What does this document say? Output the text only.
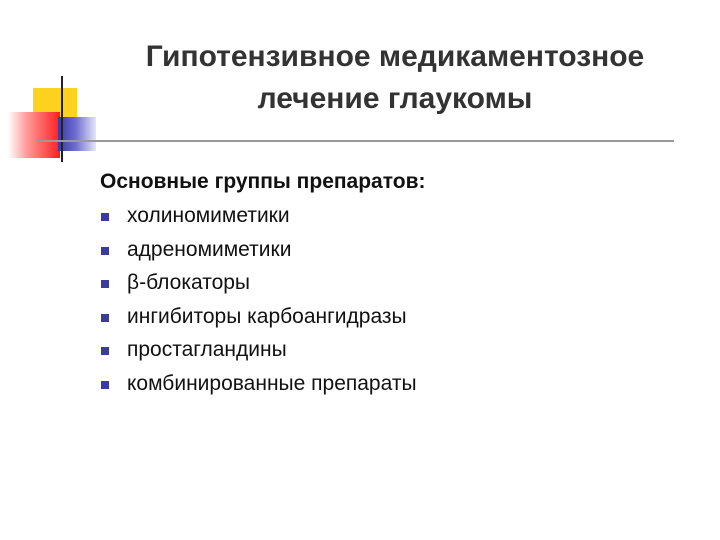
Гипотензивное медикаментозное
лечение глаукомы

Основные группы препаратов:

холиномиметики
адреномиметики
β-блокаторы
ингибиторы карбоангидразы
простагландины
комбинированные препараты
